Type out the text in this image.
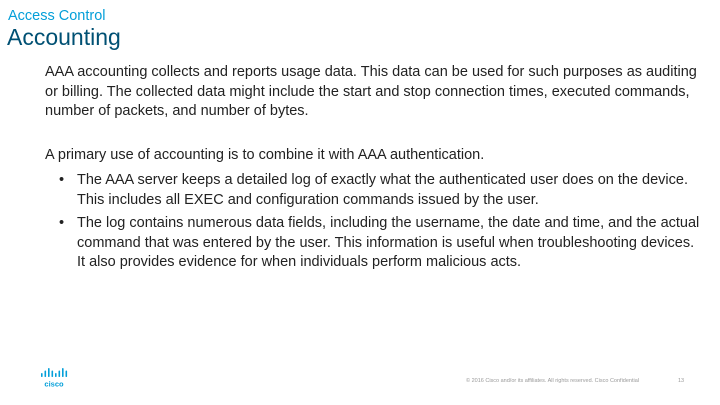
Access Control
Accounting
AAA accounting collects and reports usage data. This data can be used for such purposes as auditing or billing. The collected data might include the start and stop connection times, executed commands, number of packets, and number of bytes.
A primary use of accounting is to combine it with AAA authentication.
• The AAA server keeps a detailed log of exactly what the authenticated user does on the device. This includes all EXEC and configuration commands issued by the user.
• The log contains numerous data fields, including the username, the date and time, and the actual command that was entered by the user. This information is useful when troubleshooting devices. It also provides evidence for when individuals perform malicious acts.
cisco	© 2016 Cisco and/or its affiliates. All rights reserved. Cisco Confidential	13
